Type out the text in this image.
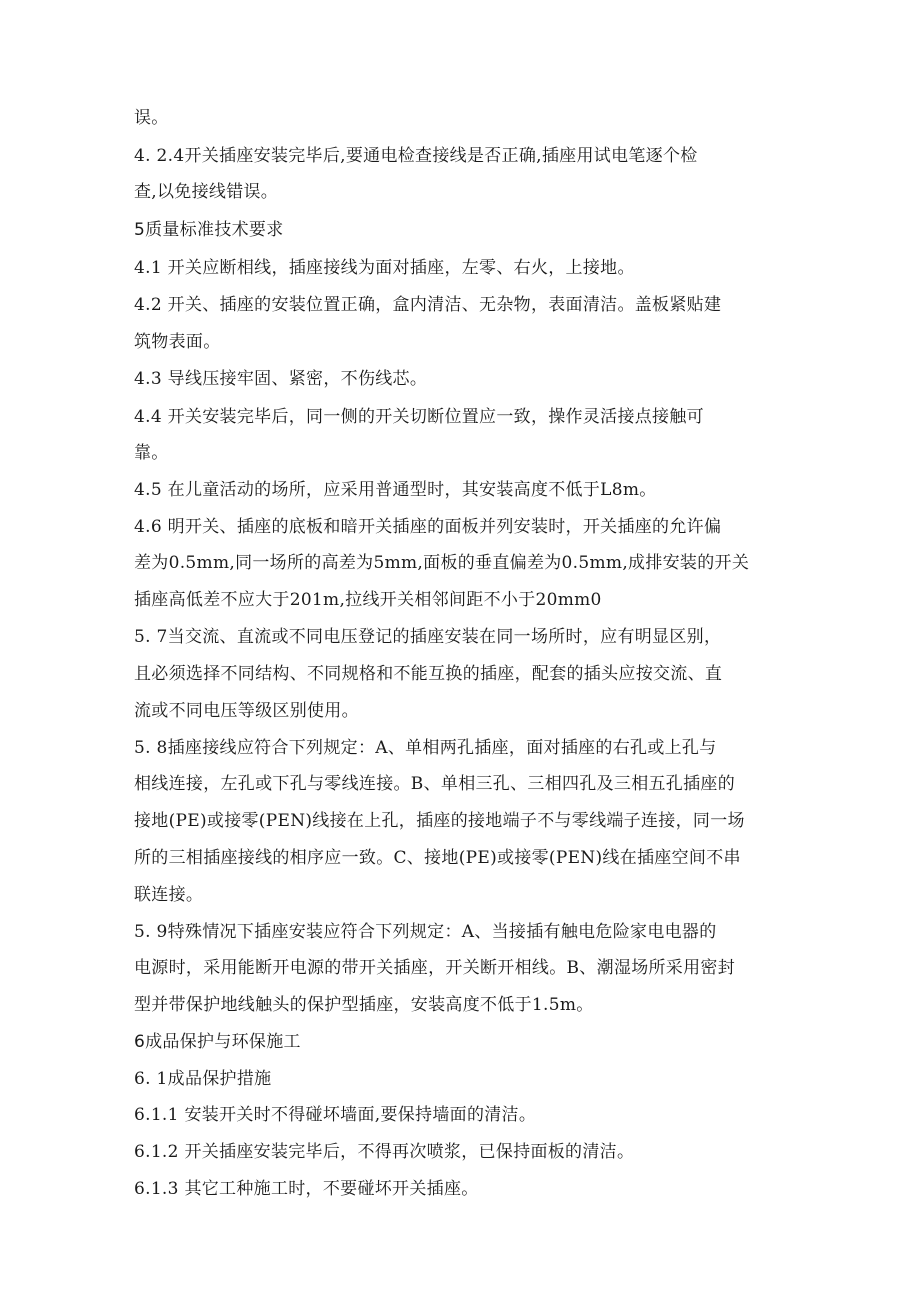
误。
4. 2.4开关插座安装完毕后,要通电检查接线是否正确,插座用试电笔逐个检
查,以免接线错误。
5质量标准技术要求
4.1 开关应断相线，插座接线为面对插座，左零、右火，上接地。
4.2 开关、插座的安装位置正确，盒内清洁、无杂物，表面清洁。盖板紧贴建
筑物表面。
4.3 导线压接牢固、紧密，不伤线芯。
4.4 开关安装完毕后，同一侧的开关切断位置应一致，操作灵活接点接触可
靠。
4.5 在儿童活动的场所，应采用普通型时，其安装高度不低于L8m。
4.6 明开关、插座的底板和暗开关插座的面板并列安装时，开关插座的允许偏
差为0.5mm,同一场所的高差为5mm,面板的垂直偏差为0.5mm,成排安装的开关
插座高低差不应大于201m,拉线开关相邻间距不小于20mm0
5. 7当交流、直流或不同电压登记的插座安装在同一场所时，应有明显区别，
且必须选择不同结构、不同规格和不能互换的插座，配套的插头应按交流、直
流或不同电压等级区别使用。
5. 8插座接线应符合下列规定：A、单相两孔插座，面对插座的右孔或上孔与
相线连接，左孔或下孔与零线连接。B、单相三孔、三相四孔及三相五孔插座的
接地(PE)或接零(PEN)线接在上孔，插座的接地端子不与零线端子连接，同一场
所的三相插座接线的相序应一致。C、接地(PE)或接零(PEN)线在插座空间不串
联连接。
5. 9特殊情况下插座安装应符合下列规定：A、当接插有触电危险家电电器的
电源时，采用能断开电源的带开关插座，开关断开相线。B、潮湿场所采用密封
型并带保护地线触头的保护型插座，安装高度不低于1.5m。
6成品保护与环保施工
6. 1成品保护措施
6.1.1 安装开关时不得碰坏墙面,要保持墙面的清洁。
6.1.2 开关插座安装完毕后，不得再次喷浆，已保持面板的清洁。
6.1.3 其它工种施工时，不要碰坏开关插座。
